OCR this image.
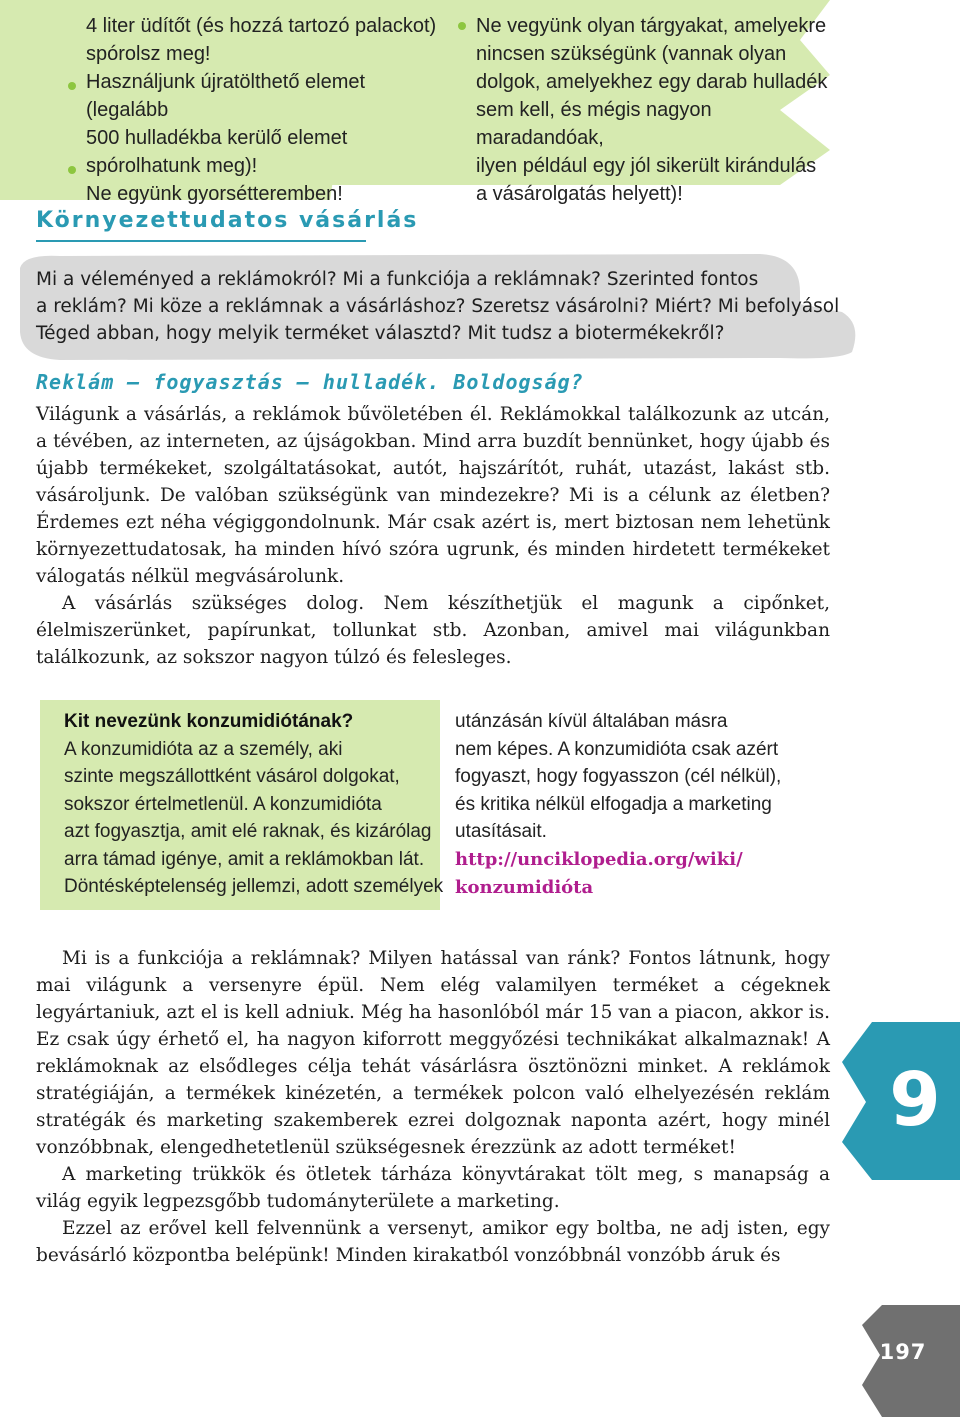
4 liter üdítőt (és hozzá tartozó palackot)
spórolsz meg!
Használjunk újratölthető elemet (legalább
500 hulladékba kerülő elemet
spórolhatunk meg)!
Ne együnk gyorsétteremben!
Ne vegyünk olyan tárgyakat, amelyekre
nincsen szükségünk (vannak olyan
dolgok, amelyekhez egy darab hulladék
sem kell, és mégis nagyon maradandóak,
ilyen például egy jól sikerült kirándulás
a vásárolgatás helyett)!
Környezettudatos vásárlás
Mi a véleményed a reklámokról? Mi a funkciója a reklámnak? Szerinted fontos
a reklám? Mi köze a reklámnak a vásárláshoz? Szeretsz vásárolni? Miért? Mi befolyásol
Téged abban, hogy melyik terméket választd? Mit tudsz a biotermékekről?
Reklám – fogyasztás – hulladék. Boldogság?

Világunk a vásárlás, a reklámok bűvöletében él. Reklámokkal találkozunk az utcán, a tévében, az interneten, az újságokban. Mind arra buzdít bennünket, hogy újabb és újabb termékeket, szolgáltatásokat, autót, hajszárítót, ruhát, utazást, lakást stb. vásároljunk. De valóban szükségünk van mindezekre? Mi is a célunk az életben? Érdemes ezt néha végiggondolnunk. Már csak azért is, mert biztosan nem lehetünk környezettudatosak, ha minden hívó szóra ugrunk, és minden hirdetett termékeket válogatás nélkül megvásárolunk.

A vásárlás szükséges dolog. Nem készíthetjük el magunk a cipőnket, élelmiszerünket, papírunkat, tollunkat stb. Azonban, amivel mai világunkban találkozunk, az sokszor nagyon túlzó és felesleges.

Kit nevezünk konzumidiótának?
A konzumidióta az a személy, aki
szinte megszállottként vásárol dolgokat,
sokszor értelmetlenül. A konzumidióta
azt fogyasztja, amit elé raknak, és kizárólag
arra támad igénye, amit a reklámokban lát.
Döntésképtelenség jellemzi, adott személyek
utánzásán kívül általában másra
nem képes. A konzumidióta csak azért
fogyaszt, hogy fogyasszon (cél nélkül),
és kritika nélkül elfogadja a marketing
utasításait.
http://unciklopedia.org/wiki/
konzumidióta

Mi is a funkciója a reklámnak? Milyen hatással van ránk? Fontos látnunk, hogy mai világunk a versenyre épül. Nem elég valamilyen terméket a cégeknek legyártaniuk, azt el is kell adniuk. Még ha hasonlóból már 15 van a piacon, akkor is. Ez csak úgy érhető el, ha nagyon kiforrott meggyőzési technikákat alkalmaznak! A reklámoknak az elsődleges célja tehát vásárlásra ösztönözni minket. A reklámok stratégiáján, a termékek kinézetén, a termékek polcon való elhelyezésén reklám stratégák és marketing szakemberek ezrei dolgoznak naponta azért, hogy minél vonzóbbnak, elengedhetetlenül szükségesnek érezzünk az adott terméket!

A marketing trükkök és ötletek tárháza könyvtárakat tölt meg, s manapság a világ egyik legpezsgőbb tudományterülete a marketing.

Ezzel az erővel kell felvennünk a versenyt, amikor egy boltba, ne adj isten, egy bevásárló központba belépünk! Minden kirakatból vonzóbbnál vonzóbb áruk és

9
197
